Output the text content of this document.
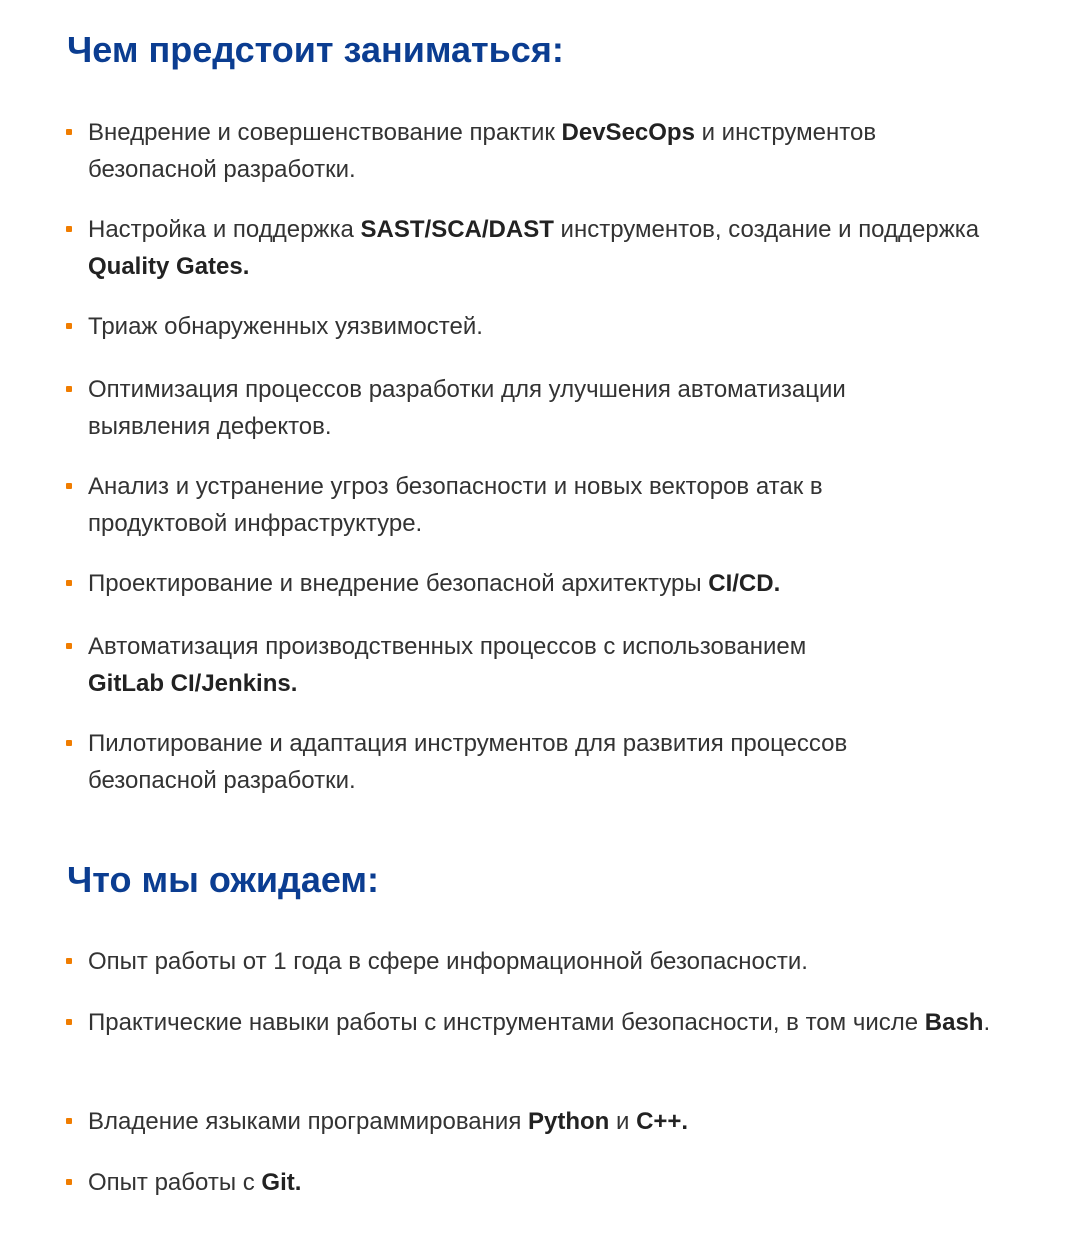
Чем предстоит заниматься:
Внедрение и совершенствование практик DevSecOps и инструментов безопасной разработки.
Настройка и поддержка SAST/SCA/DAST инструментов, создание и поддержка Quality Gates.
Триаж обнаруженных уязвимостей.
Оптимизация процессов разработки для улучшения автоматизации выявления дефектов.
Анализ и устранение угроз безопасности и новых векторов атак в продуктовой инфраструктуре.
Проектирование и внедрение безопасной архитектуры CI/CD.
Автоматизация производственных процессов с использованием GitLab CI/Jenkins.
Пилотирование и адаптация инструментов для развития процессов безопасной разработки.
Что мы ожидаем:
Опыт работы от 1 года в сфере информационной безопасности.
Практические навыки работы с инструментами безопасности, в том числе Bash.
Владение языками программирования Python и C++.
Опыт работы с Git.
